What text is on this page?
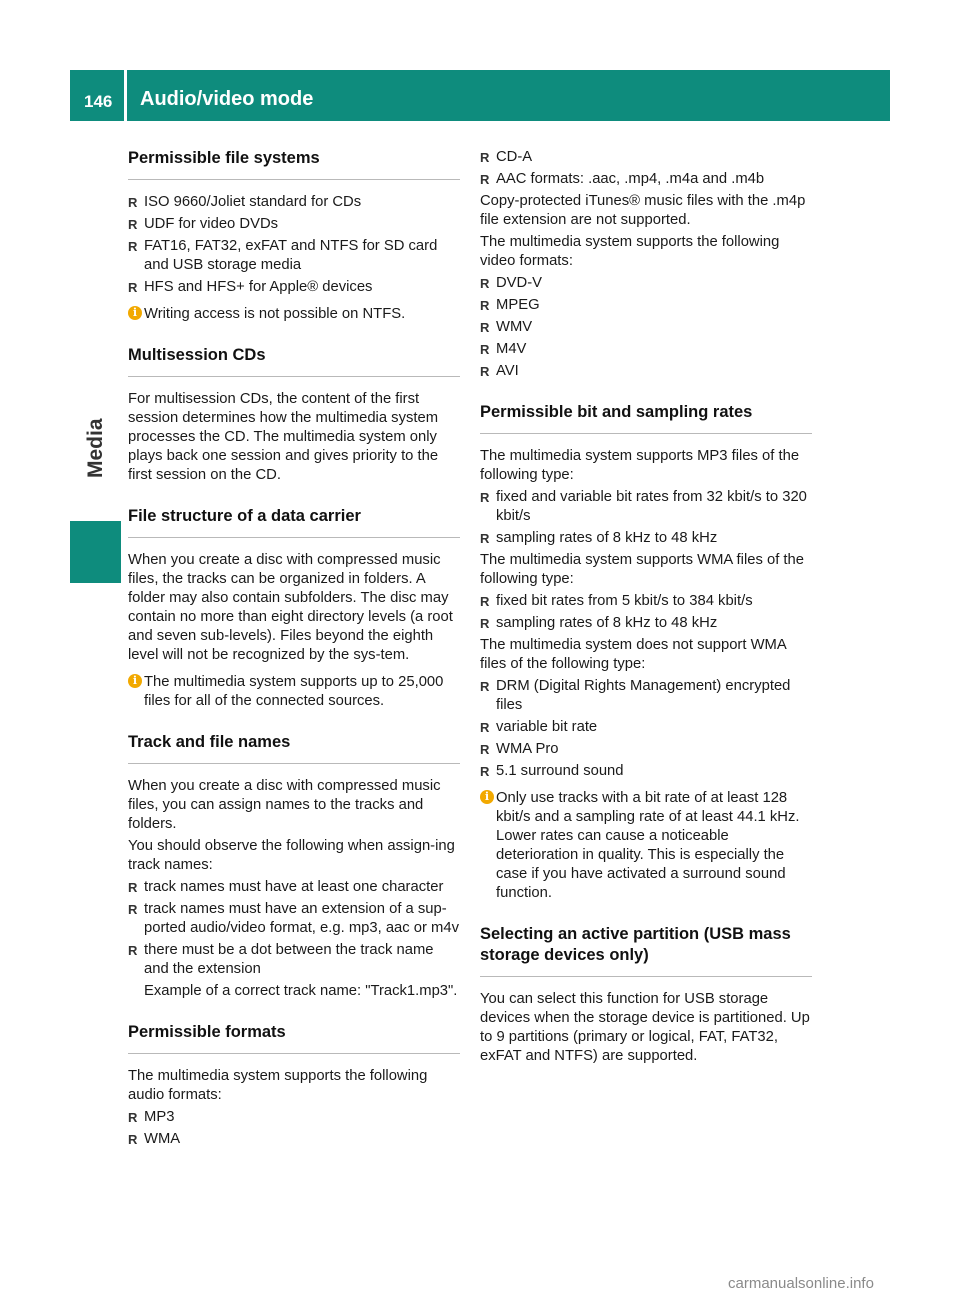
146 Audio/video mode
Media
Permissible file systems
R ISO 9660/Joliet standard for CDs
R UDF for video DVDs
R FAT16, FAT32, exFAT and NTFS for SD card and USB storage media
R HFS and HFS+ for Apple® devices
i Writing access is not possible on NTFS.
Multisession CDs

For multisession CDs, the content of the first session determines how the multimedia system processes the CD. The multimedia system only plays back one session and gives priority to the first session on the CD.

File structure of a data carrier

When you create a disc with compressed music files, the tracks can be organized in folders. A folder may also contain subfolders. The disc may contain no more than eight directory levels (a root and seven sub-levels). Files beyond the eighth level will not be recognized by the sys-tem.

i The multimedia system supports up to 25,000 files for all of the connected sources.
Track and file names

When you create a disc with compressed music files, you can assign names to the tracks and folders.

You should observe the following when assign-ing track names:

R track names must have at least one character
R track names must have an extension of a sup-ported audio/video format, e.g. mp3, aac or m4v
R there must be a dot between the track name and the extension

Example of a correct track name: "Track1.mp3".

Permissible formats

The multimedia system supports the following audio formats:

R MP3
R WMA
R CD-A
R AAC formats: .aac, .mp4, .m4a and .m4b

Copy-protected iTunes® music files with the .m4p file extension are not supported.

The multimedia system supports the following video formats:

R DVD-V
R MPEG
R WMV
R M4V
R AVI
Permissible bit and sampling rates

The multimedia system supports MP3 files of the following type:

R fixed and variable bit rates from 32 kbit/s to 320 kbit/s
R sampling rates of 8 kHz to 48 kHz

The multimedia system supports WMA files of the following type:

R fixed bit rates from 5 kbit/s to 384 kbit/s
R sampling rates of 8 kHz to 48 kHz

The multimedia system does not support WMA files of the following type:

R DRM (Digital Rights Management) encrypted files
R variable bit rate
R WMA Pro
R 5.1 surround sound
i Only use tracks with a bit rate of at least 128 kbit/s and a sampling rate of at least 44.1 kHz. Lower rates can cause a noticeable deterioration in quality. This is especially the case if you have activated a surround sound function.
Selecting an active partition (USB mass storage devices only)

You can select this function for USB storage devices when the storage device is partitioned. Up to 9 partitions (primary or logical, FAT, FAT32, exFAT and NTFS) are supported.

carmanualsonline.info
